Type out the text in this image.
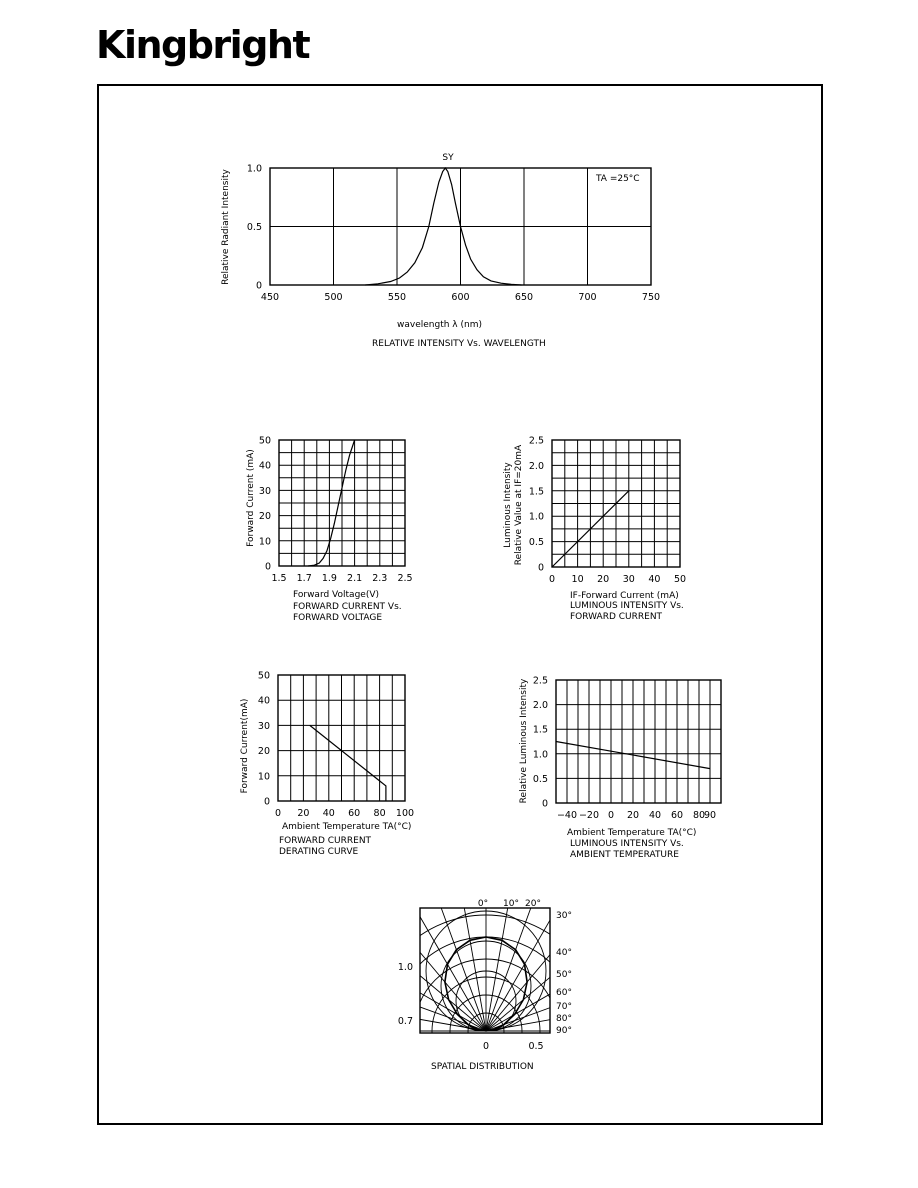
Kingbright
450	500	550	600	650	700	750
0
0.5
1.0
SY
TA =25°C
wavelength λ (nm)
RELATIVE INTENSITY Vs. WAVELENGTH
Relative Radiant Intensity
1.5 1.7 1.9 2.1 2.3 2.5
0
10
20
30
40
50
Forward Voltage(V)
FORWARD CURRENT Vs.
FORWARD VOLTAGE
Forward Current (mA)
0 10 20 30 40 50
0
0.5
1.0
1.5
2.0
2.5
IF-Forward Current (mA)
LUMINOUS INTENSITY Vs.
FORWARD CURRENT
Luminous Intensity Relative Value at IF=20mA
0 20 40 60 80 100
0
10
20
30
40
50
Ambient Temperature TA(°C)
FORWARD CURRENT
DERATING CURVE
Forward Current(mA)
−40 −20 0 20 40 60 80
90
0
0.5
1.0
1.5
2.0
2.5
Ambient Temperature TA(°C)
LUMINOUS INTENSITY Vs.
AMBIENT TEMPERATURE
Relative Luminous Intensity
0° 10° 20°
30°
40°
50°
60°
70°
80°
90°
1.0
0.7
0	0.5
SPATIAL DISTRIBUTION
